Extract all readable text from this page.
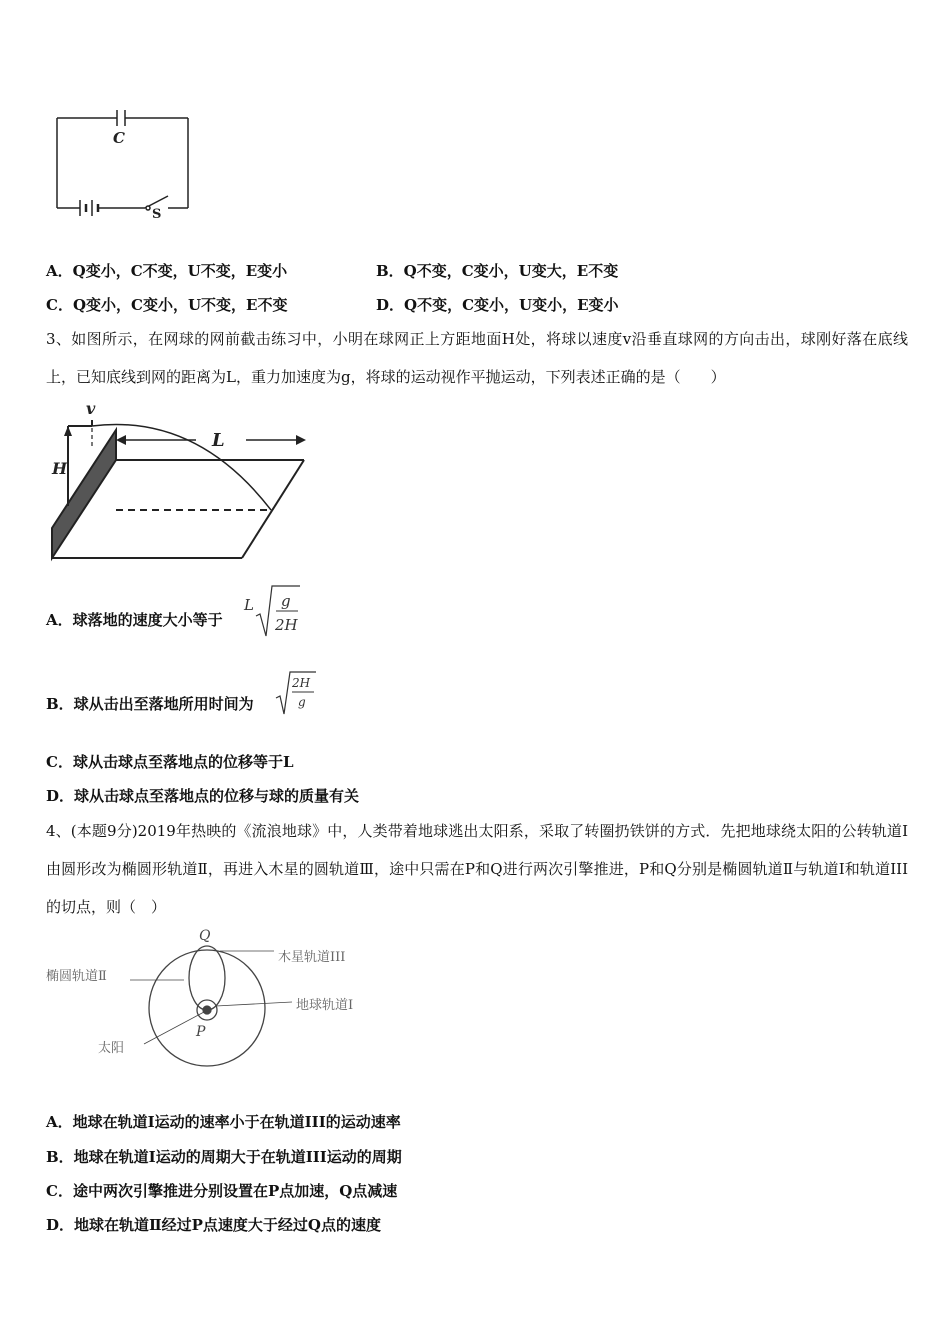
C
S
A．Q变小，C不变，U不变，E变小	B．Q不变，C变小，U变大，E不变
C．Q变小，C变小，U不变，E不变	D．Q不变，C变小，U变小，E变小
3、如图所示，在网球的网前截击练习中，小明在球网正上方距地面H处，将球以速度v沿垂直球网的方向击出，球刚好落在底线上，已知底线到网的距离为L，重力加速度为g，将球的运动视作平抛运动，下列表述正确的是（　　）
v
H
L
A．球落地的速度大小等于
L g
2H
B．球从击出至落地所用时间为
2H
g
C．球从击球点至落地点的位移等于L
D．球从击球点至落地点的位移与球的质量有关
4、(本题9分)2019年热映的《流浪地球》中，人类带着地球逃出太阳系，采取了转圈扔铁饼的方式．先把地球绕太阳的公转轨道I由圆形改为椭圆形轨道Ⅱ，再进入木星的圆轨道Ⅲ，途中只需在P和Q进行两次引擎推进，P和Q分别是椭圆轨道Ⅱ与轨道I和轨道III的切点，则（　）
Q
P
椭圆轨道Ⅱ
木星轨道III
地球轨道Ⅰ
太阳
A．地球在轨道I运动的速率小于在轨道III的运动速率
B．地球在轨道I运动的周期大于在轨道III运动的周期
C．途中两次引擎推进分别设置在P点加速，Q点减速
D．地球在轨道Ⅱ经过P点速度大于经过Q点的速度
